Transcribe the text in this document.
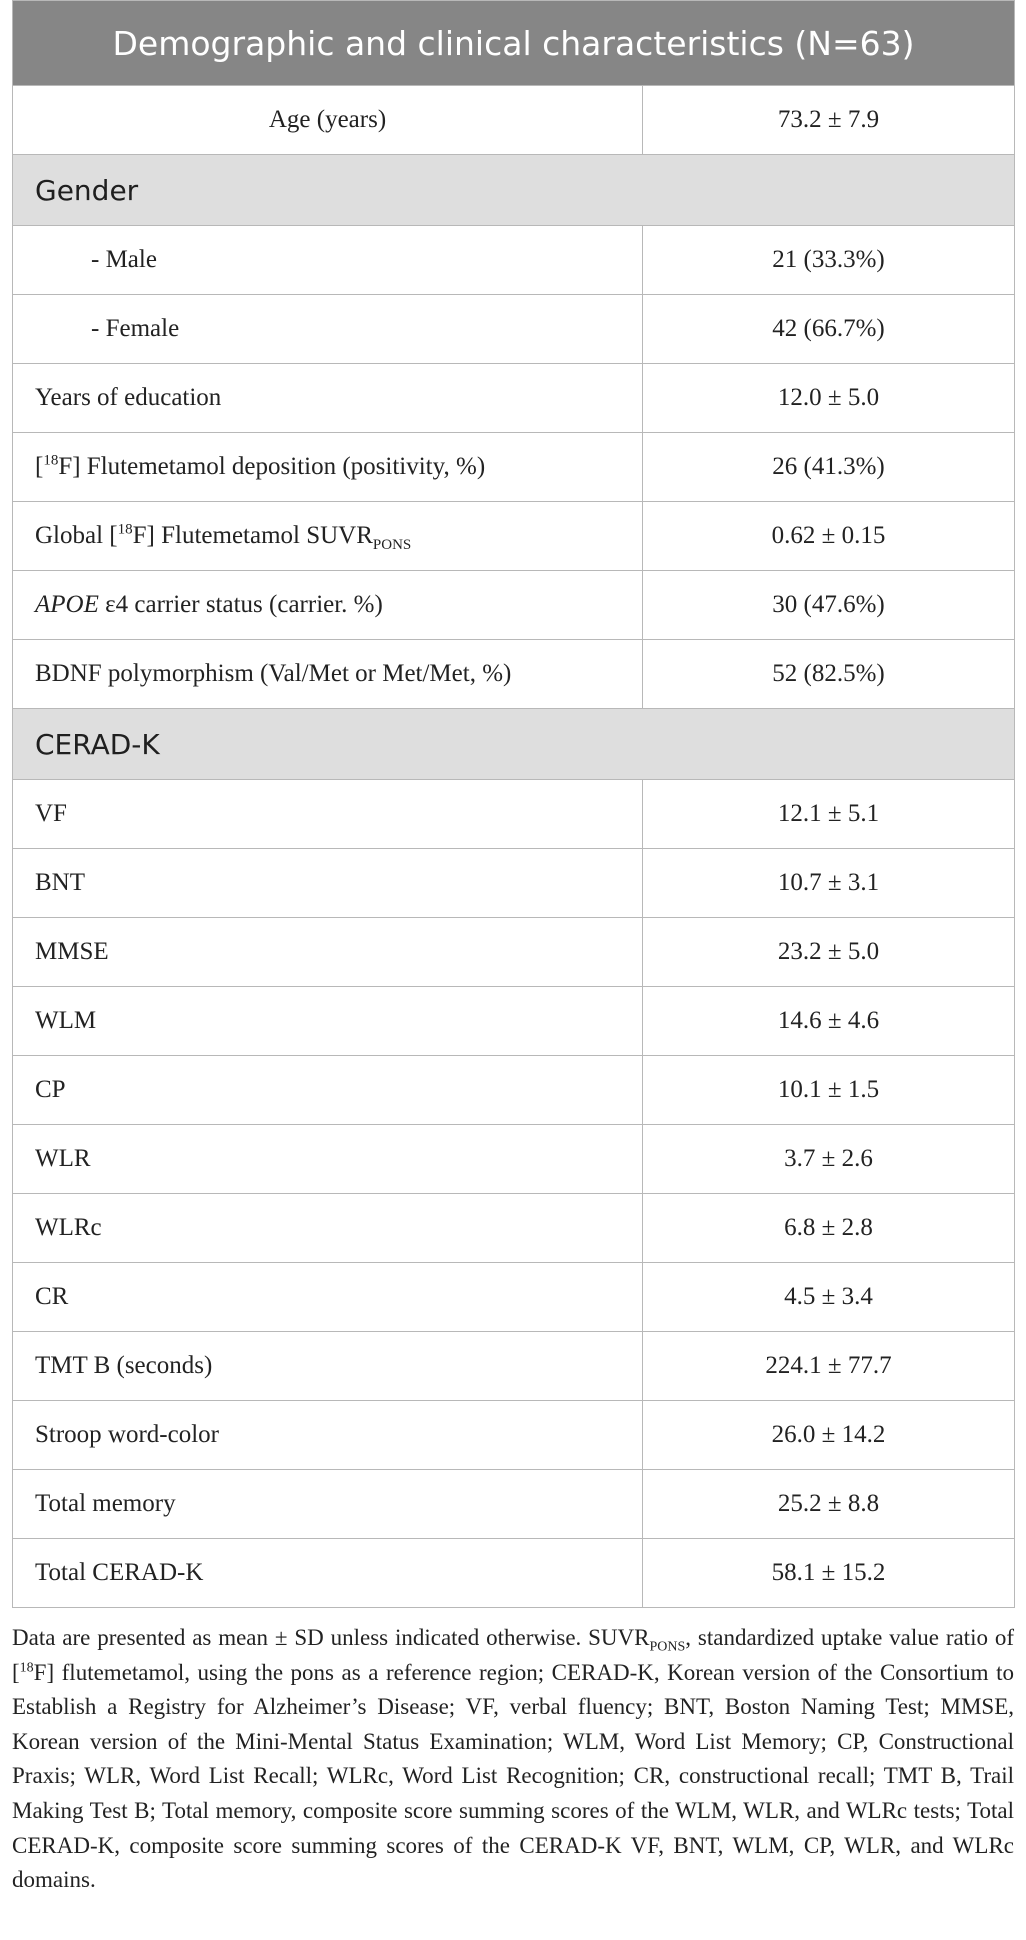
Demographic and clinical characteristics (N=63)	
Age (years)	73.2 ± 7.9
Gender	
- Male	21 (33.3%)
- Female	42 (66.7%)
Years of education	12.0 ± 5.0
[$^{18}$F] Flutemetamol deposition (positivity, %)	26 (41.3%)
Global [$^{18}$F] Flutemetamol $SUVR_{PONS}$	0.62 ± 0.15
APOE ε4 carrier status (carrier. %)	30 (47.6%)
BDNF polymorphism (Val/Met or Met/Met, %)	52 (82.5%)
CERAD-K	
VF	12.1 ± 5.1
BNT	10.7 ± 3.1
MMSE	23.2 ± 5.0
WLM	14.6 ± 4.6
CP	10.1 ± 1.5
WLR	3.7 ± 2.6
WLRc	6.8 ± 2.8
CR	4.5 ± 3.4
TMT B (seconds)	224.1 ± 77.7
Stroop word-color	26.0 ± 14.2
Total memory	25.2 ± 8.8
Total CERAD-K	58.1 ± 15.2

Data are presented as mean ± SD unless indicated otherwise. $SUVR_{PONS}$, standardized uptake value ratio of [$^{18}$F] flutemetamol, using the pons as a reference region; CERAD-K, Korean version of the Consortium to Establish a Registry for Alzheimer’s Disease; VF, verbal fluency; BNT, Boston Naming Test; MMSE, Korean version of the Mini-Mental Status Examination; WLM, Word List Memory; CP, Constructional Praxis; WLR, Word List Recall; WLRc, Word List Recognition; CR, constructional recall; TMT B, Trail Making Test B; Total memory, composite score summing scores of the WLM, WLR, and WLRc tests; Total CERAD-K, composite score summing scores of the CERAD-K VF, BNT, WLM, CP, WLR, and WLRc domains.
